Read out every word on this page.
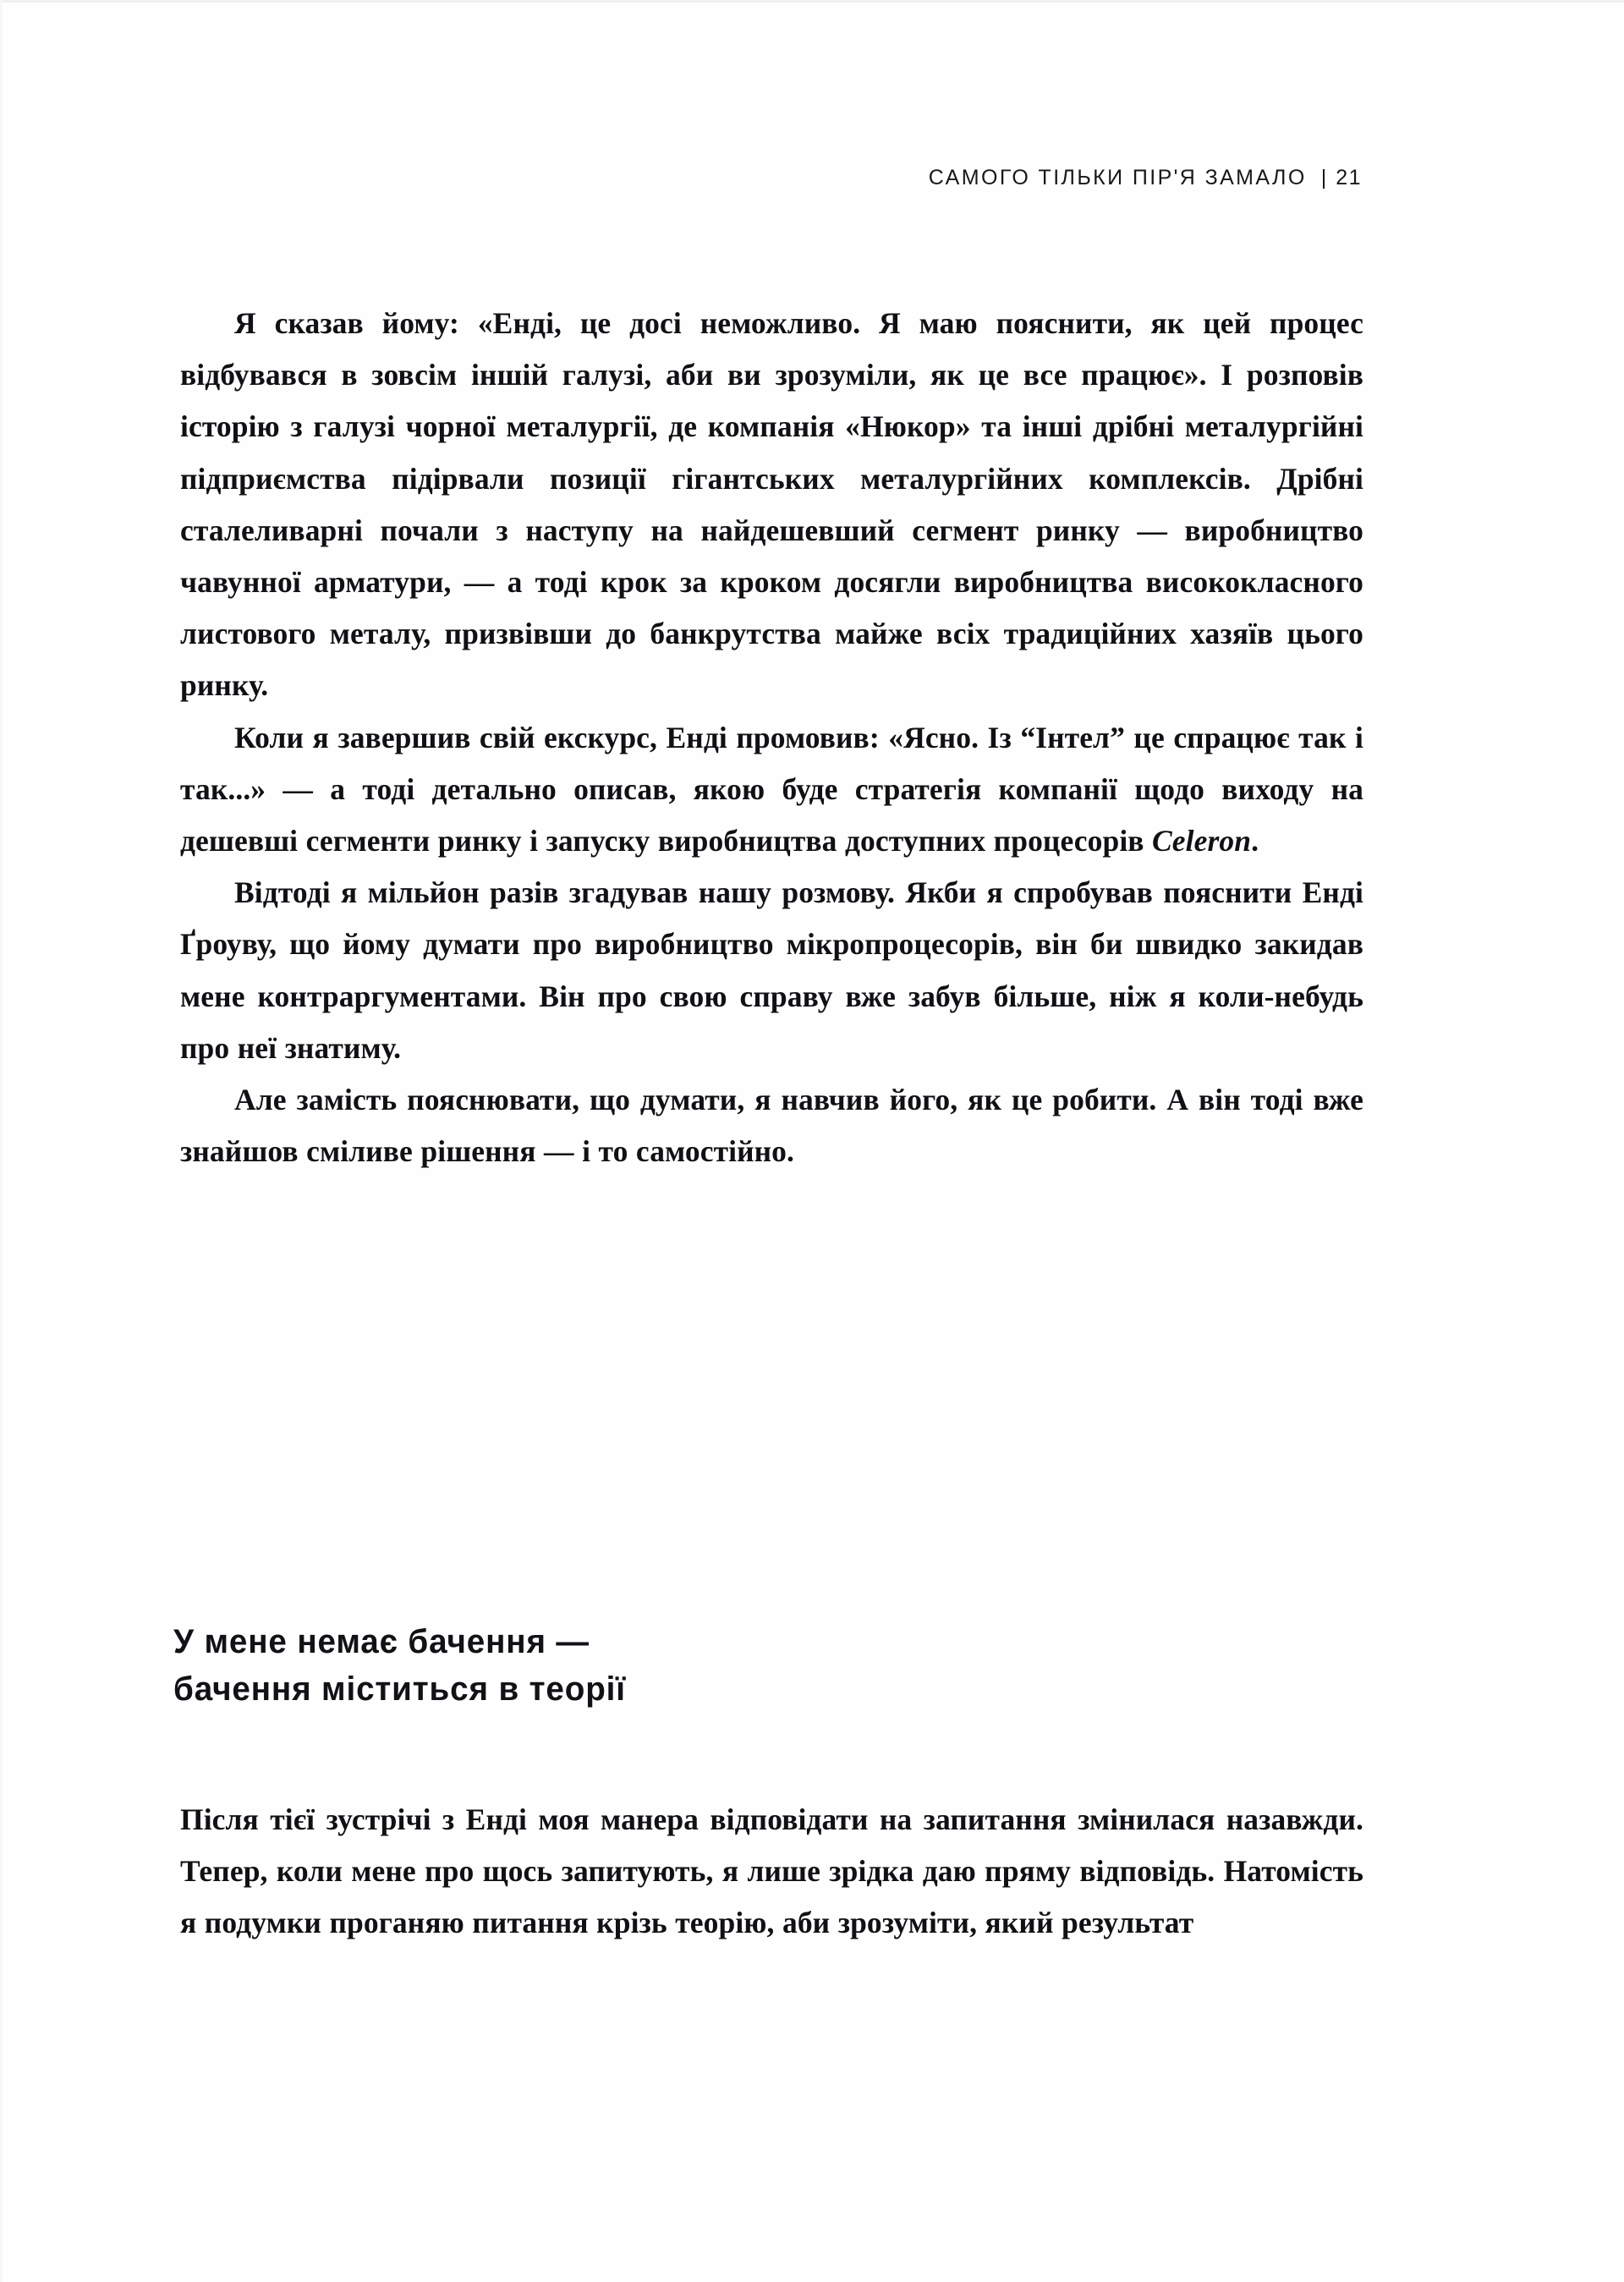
САМОГО ТІЛЬКИ ПІР'Я ЗАМАЛО | 21

Я сказав йому: «Енді, це досі неможливо. Я маю пояснити, як цей процес відбувався в зовсім іншій галузі, аби ви зрозуміли, як це все працює». І розповів історію з галузі чорної металургії, де компанія «Нюкор» та інші дрібні металургійні підприємства підірвали позиції гігантських металургійних комплексів. Дрібні сталеливарні почали з наступу на найдешевший сегмент ринку — виробництво чавунної арматури, — а тоді крок за кроком досягли виробництва висококласного листового металу, призвівши до банкрутства майже всіх традиційних хазяїв цього ринку.

Коли я завершив свій екскурс, Енді промовив: «Ясно. Із “Інтел” це спрацює так і так...» — а тоді детально описав, якою буде стратегія компанії щодо виходу на дешевші сегменти ринку і запуску виробництва доступних процесорів Celeron.

Відтоді я мільйон разів згадував нашу розмову. Якби я спробував пояснити Енді Ґроуву, що йому думати про виробництво мікропроцесорів, він би швидко закидав мене контраргументами. Він про свою справу вже забув більше, ніж я коли-небудь про неї знатиму.

Але замість пояснювати, що думати, я навчив його, як це робити. А він тоді вже знайшов сміливе рішення — і то самостійно.

У мене немає бачення —
бачення міститься в теорії

Після тієї зустрічі з Енді моя манера відповідати на запитання змінилася назавжди. Тепер, коли мене про щось запитують, я лише зрідка даю пряму відповідь. Натомість я подумки проганяю питання крізь теорію, аби зрозуміти, який результат
